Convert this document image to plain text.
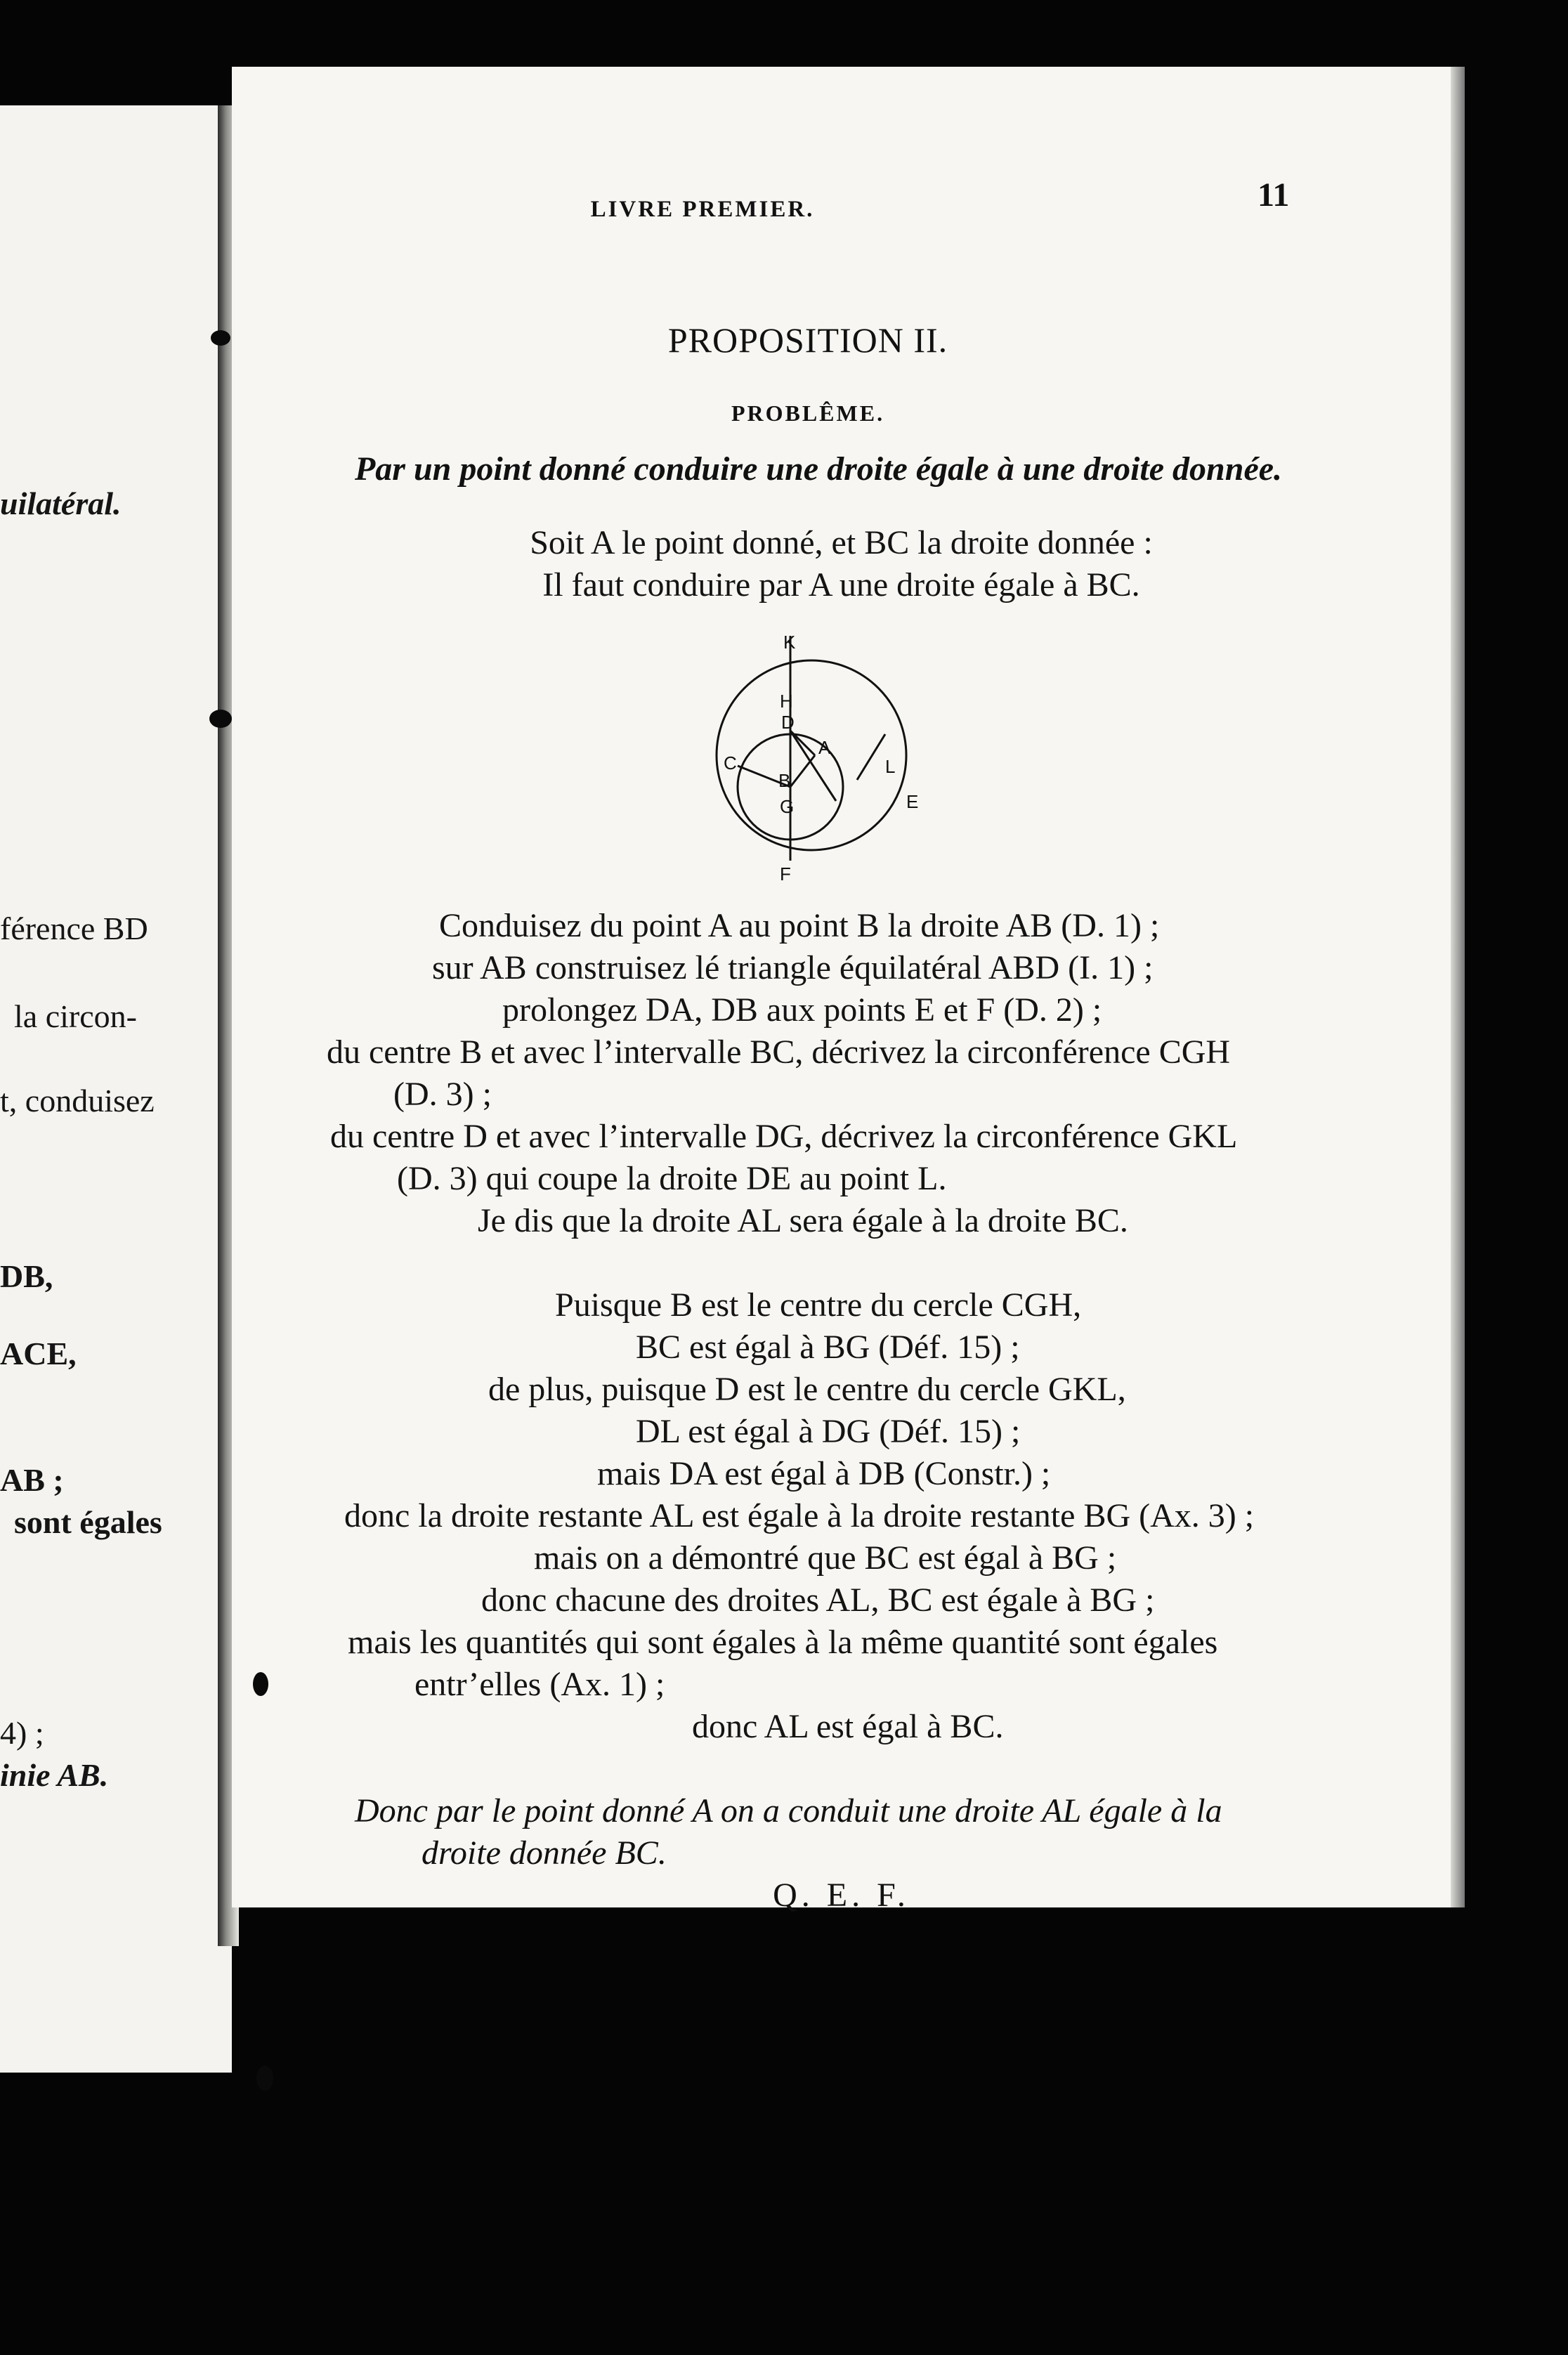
uilatéral.
férence BD
la circon-
t, conduisez
DB,
ACE,
AB ;
sont égales
4) ;
inie AB.
LIVRE PREMIER.	11
PROPOSITION II.
PROBLÊME.
Par un point donné conduire une droite égale à une droite donnée.
Soit A le point donné, et BC la droite donnée :
Il faut conduire par A une droite égale à BC.
K
H
D
A
C
B
G
L
E
F
Conduisez du point A au point B la droite AB (D. 1) ;
sur AB construisez lé triangle équilatéral ABD (I. 1) ;
prolongez DA, DB aux points E et F (D. 2) ;
du centre B et avec l’intervalle BC, décrivez la circonférence CGH
(D. 3) ;
du centre D et avec l’intervalle DG, décrivez la circonférence GKL
(D. 3) qui coupe la droite DE au point L.
Je dis que la droite AL sera égale à la droite BC.
Puisque B est le centre du cercle CGH,
BC est égal à BG (Déf. 15) ;
de plus, puisque D est le centre du cercle GKL,
DL est égal à DG (Déf. 15) ;
mais DA est égal à DB (Constr.) ;
donc la droite restante AL est égale à la droite restante BG (Ax. 3) ;
mais on a démontré que BC est égal à BG ;
donc chacune des droites AL, BC est égale à BG ;
mais les quantités qui sont égales à la même quantité sont égales
entr’elles (Ax. 1) ;
donc AL est égal à BC.
Donc par le point donné A on a conduit une droite AL égale à la
droite donnée BC.
Q. E. F.
